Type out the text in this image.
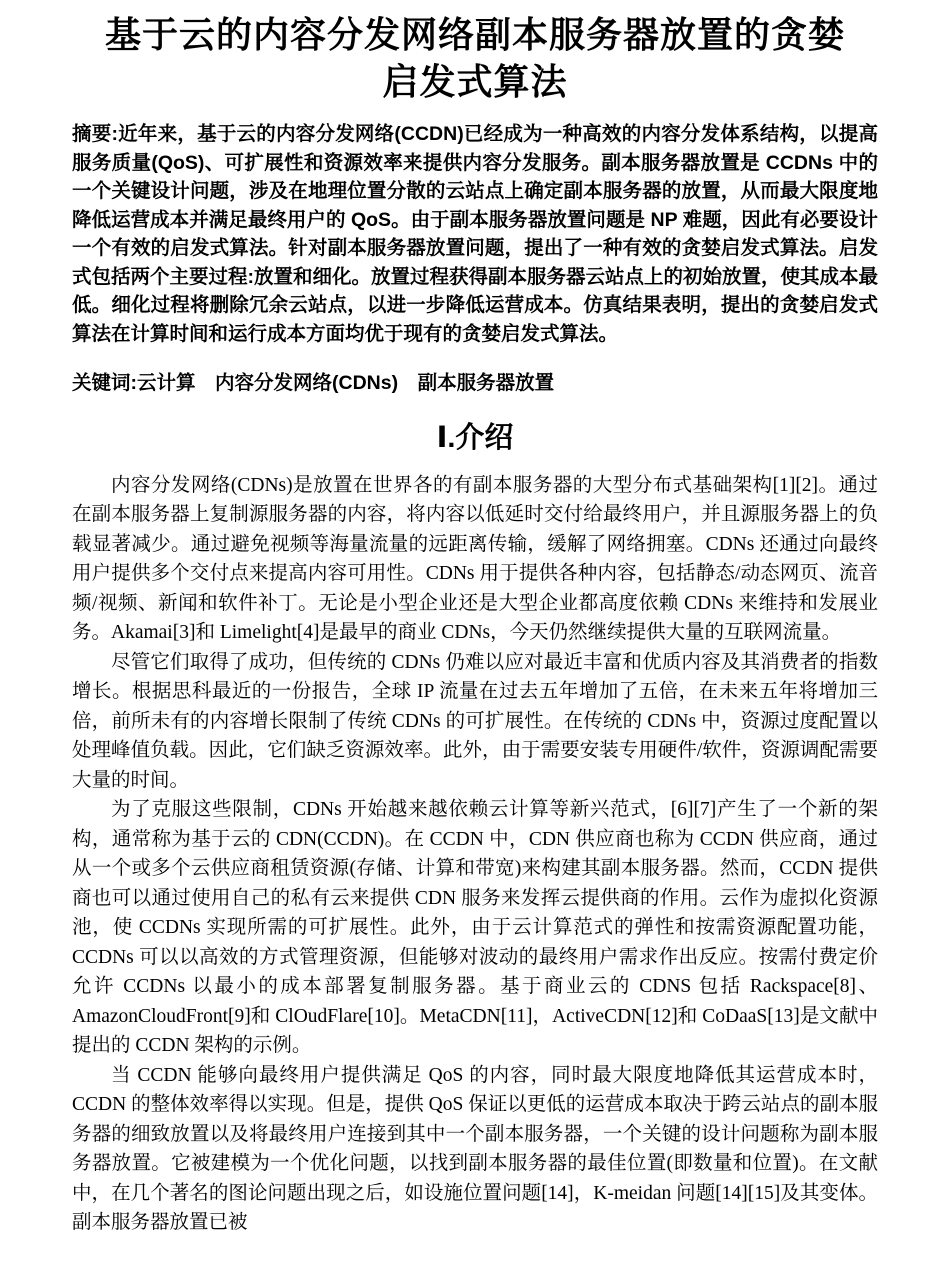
基于云的内容分发网络副本服务器放置的贪婪
启发式算法

摘要:近年来，基于云的内容分发网络(CCDN)已经成为一种高效的内容分发体系结构，以提高服务质量(QoS)、可扩展性和资源效率来提供内容分发服务。副本服务器放置是 CCDNs 中的一个关键设计问题，涉及在地理位置分散的云站点上确定副本服务器的放置，从而最大限度地降低运营成本并满足最终用户的 QoS。由于副本服务器放置问题是 NP 难题，因此有必要设计一个有效的启发式算法。针对副本服务器放置问题，提出了一种有效的贪婪启发式算法。启发式包括两个主要过程:放置和细化。放置过程获得副本服务器云站点上的初始放置，使其成本最低。细化过程将删除冗余云站点，以进一步降低运营成本。仿真结果表明，提出的贪婪启发式算法在计算时间和运行成本方面均优于现有的贪婪启发式算法。

关键词:云计算　内容分发网络(CDNs)　副本服务器放置

Ⅰ.介绍

内容分发网络(CDNs)是放置在世界各的有副本服务器的大型分布式基础架构[1][2]。通过在副本服务器上复制源服务器的内容，将内容以低延时交付给最终用户，并且源服务器上的负载显著减少。通过避免视频等海量流量的远距离传输，缓解了网络拥塞。CDNs 还通过向最终用户提供多个交付点来提高内容可用性。CDNs 用于提供各种内容，包括静态/动态网页、流音频/视频、新闻和软件补丁。无论是小型企业还是大型企业都高度依赖 CDNs 来维持和发展业务。Akamai[3]和 Limelight[4]是最早的商业 CDNs，今天仍然继续提供大量的互联网流量。

尽管它们取得了成功，但传统的 CDNs 仍难以应对最近丰富和优质内容及其消费者的指数增长。根据思科最近的一份报告，全球 IP 流量在过去五年增加了五倍，在未来五年将增加三倍，前所未有的内容增长限制了传统 CDNs 的可扩展性。在传统的 CDNs 中，资源过度配置以处理峰值负载。因此，它们缺乏资源效率。此外，由于需要安装专用硬件/软件，资源调配需要大量的时间。

为了克服这些限制，CDNs 开始越来越依赖云计算等新兴范式，[6][7]产生了一个新的架构，通常称为基于云的 CDN(CCDN)。在 CCDN 中，CDN 供应商也称为 CCDN 供应商，通过从一个或多个云供应商租赁资源(存储、计算和带宽)来构建其副本服务器。然而，CCDN 提供商也可以通过使用自己的私有云来提供 CDN 服务来发挥云提供商的作用。云作为虚拟化资源池，使 CCDNs 实现所需的可扩展性。此外，由于云计算范式的弹性和按需资源配置功能，CCDNs 可以以高效的方式管理资源，但能够对波动的最终用户需求作出反应。按需付费定价允许 CCDNs 以最小的成本部署复制服务器。基于商业云的 CDNS 包括 Rackspace[8]、AmazonCloudFront[9]和 ClOudFlare[10]。MetaCDN[11]，ActiveCDN[12]和 CoDaaS[13]是文献中提出的 CCDN 架构的示例。

当 CCDN 能够向最终用户提供满足 QoS 的内容，同时最大限度地降低其运营成本时，CCDN 的整体效率得以实现。但是，提供 QoS 保证以更低的运营成本取决于跨云站点的副本服务器的细致放置以及将最终用户连接到其中一个副本服务器，一个关键的设计问题称为副本服务器放置。它被建模为一个优化问题，以找到副本服务器的最佳位置(即数量和位置)。在文献中，在几个著名的图论问题出现之后，如设施位置问题[14]，K-meidan 问题[14][15]及其变体。副本服务器放置已被
